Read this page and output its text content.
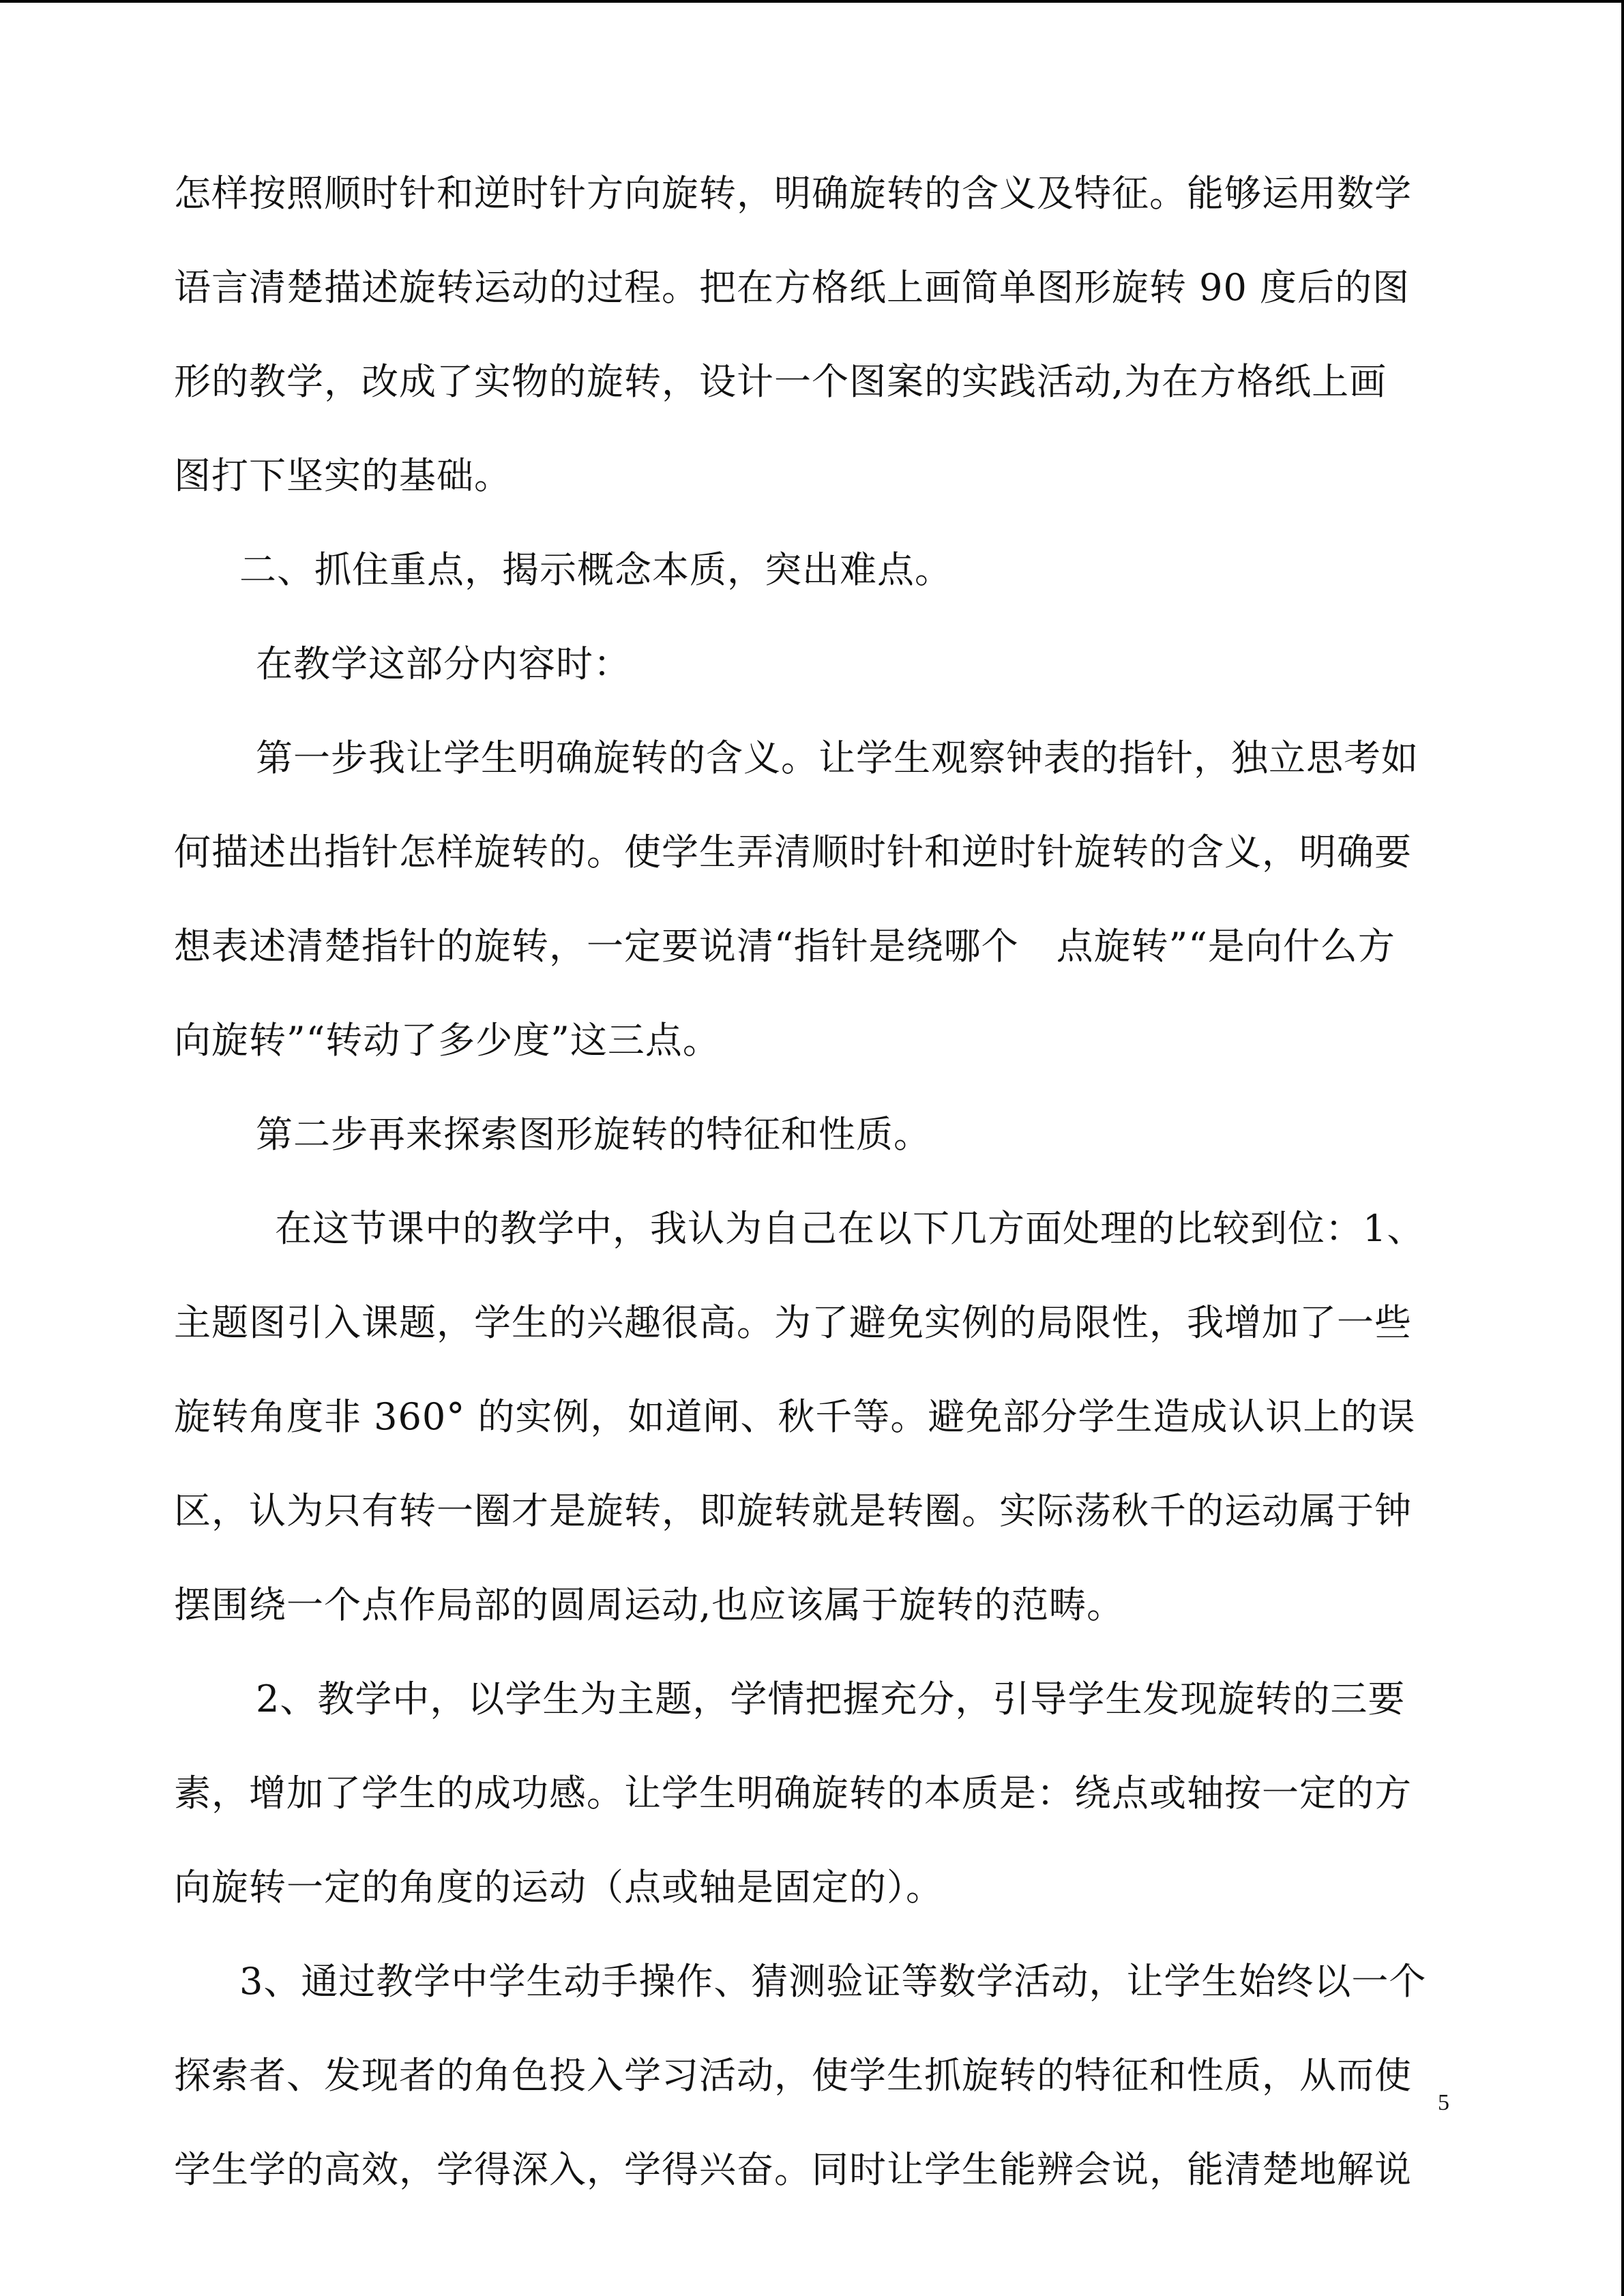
怎样按照顺时针和逆时针方向旋转，明确旋转的含义及特征。能够运用数学
语言清楚描述旋转运动的过程。把在方格纸上画简单图形旋转 90 度后的图
形的教学，改成了实物的旋转，设计一个图案的实践活动,为在方格纸上画
图打下坚实的基础。
二、抓住重点，揭示概念本质，突出难点。
在教学这部分内容时：
第一步我让学生明确旋转的含义。让学生观察钟表的指针，独立思考如
何描述出指针怎样旋转的。使学生弄清顺时针和逆时针旋转的含义，明确要
想表述清楚指针的旋转，一定要说清“指针是绕哪个　点旋转”“是向什么方
向旋转”“转动了多少度”这三点。
第二步再来探索图形旋转的特征和性质。
在这节课中的教学中，我认为自己在以下几方面处理的比较到位：1、
主题图引入课题，学生的兴趣很高。为了避免实例的局限性，我增加了一些
旋转角度非 360° 的实例，如道闸、秋千等。避免部分学生造成认识上的误
区，认为只有转一圈才是旋转，即旋转就是转圈。实际荡秋千的运动属于钟
摆围绕一个点作局部的圆周运动,也应该属于旋转的范畴。
2、教学中，以学生为主题，学情把握充分，引导学生发现旋转的三要
素，增加了学生的成功感。让学生明确旋转的本质是：绕点或轴按一定的方
向旋转一定的角度的运动（点或轴是固定的）。
3、通过教学中学生动手操作、猜测验证等数学活动，让学生始终以一个
探索者、发现者的角色投入学习活动，使学生抓旋转的特征和性质，从而使
学生学的高效，学得深入，学得兴奋。同时让学生能辨会说，能清楚地解说
5
